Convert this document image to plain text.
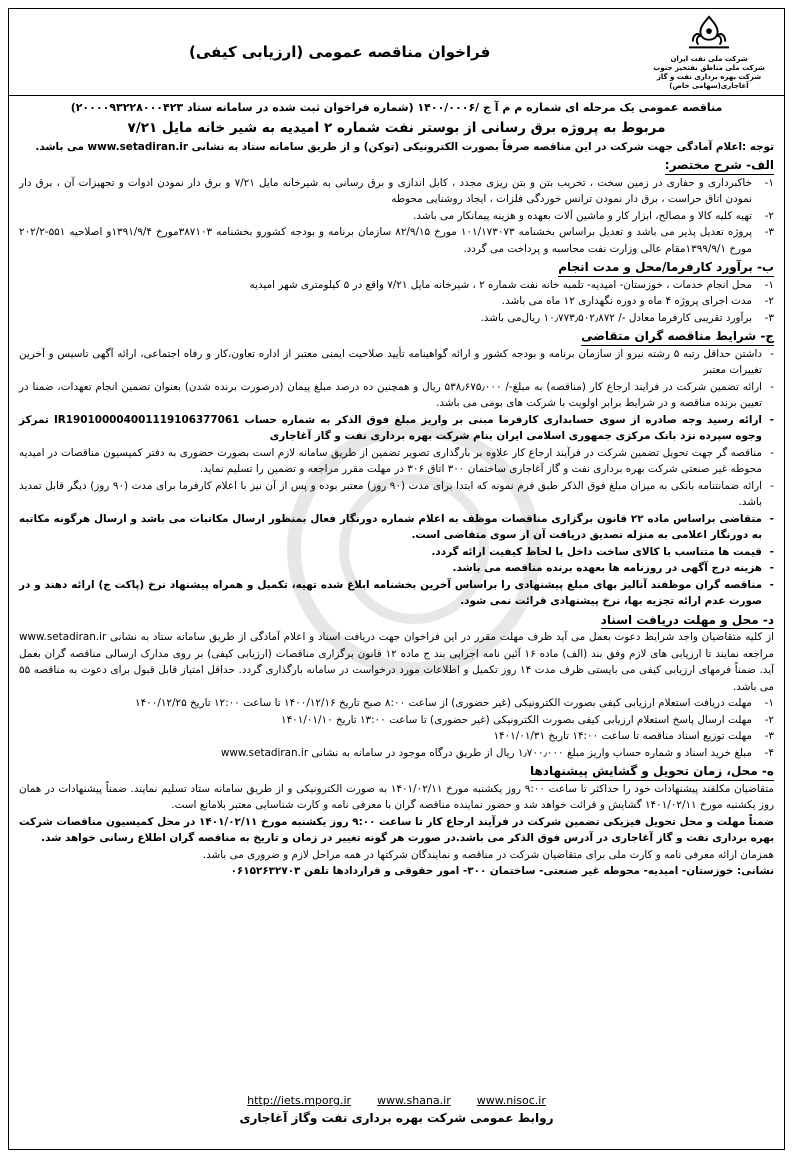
شرکت ملی نفت ایران
شرکت ملی مناطق نفتخیز جنوب
شرکت بهره برداری نفت و گاز آغاجاری(سهامی خاص)
فراخوان مناقصه عمومی (ارزیابی کیفی)
مناقصه عمومی یک مرحله ای شماره م م آ ج /۱۴۰۰/۰۰۰۶ (شماره فراخوان ثبت شده در سامانه ستاد ۲۰۰۰۰۹۳۲۲۸۰۰۰۴۲۳)
مربوط به پروژه برق رسانی از بوستر نفت شماره ۲ امیدیه به شیر خانه مایل ۷/۲۱
توجه :اعلام آمادگی جهت شرکت در این مناقصه صرفاً بصورت الکترونیکی (توکن) و از طریق سامانه ستاد به نشانی www.setadiran.ir می باشد.
الف- شرح مختصر:
۱-
خاکبرداری و حفاری در زمین سخت ، تخریب بتن و بتن ریزی مجدد ، کابل اندازی و برق رسانی به شیرخانه مایل ۷/۲۱ و برق دار نمودن ادوات و تجهیزات آن ، برق دار نمودن اتاق حراست ، برق دار نمودن ترانس خوردگی فلزات ، ایجاد روشنایی محوطه
۲-
تهیه کلیه کالا و مصالح، ابزار کار و ماشین آلات بعهده و هزینه پیمانکار می باشد.
۳-
پروژه تعدیل پذیر می باشد و تعدیل براساس بخشنامه ۱۰۱/۱۷۳۰۷۳ مورخ ۸۲/۹/۱۵ سازمان برنامه و بودجه کشورو بخشنامه ۳۸۷۱۰۳مورخ ۱۳۹۱/۹/۴و اصلاحیه ۵۵۱-۲۰۲/۲ مورخ ۱۳۹۹/۹/۱مقام عالی وزارت نفت محاسبه و پرداخت می گردد.
ب- برآورد کارفرما/محل و مدت انجام
۱-
محل انجام خدمات ، خوزستان- امیدیه- تلمبه خانه نفت شماره ۲ ، شیرخانه مایل ۷/۲۱ واقع در ۵ کیلومتری شهر امیدیه
۲-
مدت اجرای پروژه ۴ ماه و دوره نگهداری ۱۲ ماه می باشد.
۳-
برآورد تقریبی کارفرما معادل -/ ۱۰٫۷۷۳٫۵۰۲٫۸۷۲ ریال‌می باشد.
ج- شرایط مناقصه گران متقاضی
-
داشتن حداقل رتبه ۵ رشته نیرو از سازمان برنامه و بودجه کشور و ارائه گواهینامه تأیید صلاحیت ایمنی معتبر از اداره تعاون،کار و رفاه اجتماعی، ارائه آگهی تاسیس و آخرین تغییرات معتبر
-
ارائه تضمین شرکت در فرایند ارجاع کار (مناقصه) به مبلغ-/ ۵۳۸٫۶۷۵٫۰۰۰ ریال و همچنین ده درصد مبلغ پیمان (درصورت برنده شدن) بعنوان تضمین انجام تعهدات، ضمنا در تعیین برنده مناقصه و در شرایط برابر اولویت با شرکت های بومی می باشد.
-
ارائه رسید وجه صادره از سوی حسابداری کارفرما مبنی بر واریز مبلغ فوق الذکر به شماره حساب IR190100004001119106377061 تمرکز وجوه سپرده نزد بانک مرکزی جمهوری اسلامی ایران بنام شرکت بهره برداری نفت و گاز آغاجاری
-
مناقصه گر جهت تحویل تضمین شرکت در فرآیند ارجاع کار علاوه بر بارگذاری تصویر تضمین از طریق سامانه لازم است بصورت حضوری به دفتر کمیسیون مناقصات در امیدیه محوطه غیر صنعتی شرکت بهره برداری نفت و گاز آغاجاری ساختمان ۳۰۰ اتاق ۳۰۶ در مهلت مقرر مراجعه و تضمین را تسلیم نماید.
-
ارائه ضمانتنامه بانکی به میزان مبلغ فوق الذکر طبق فرم نمونه که ابتدا برای مدت (۹۰ روز) معتبر بوده و پس از آن نیز با اعلام کارفرما برای مدت (۹۰ روز) دیگر قابل تمدید باشد.
-
متقاضی براساس ماده ۲۲ قانون برگزاری مناقصات موظف به اعلام شماره دورنگار فعال بمنظور ارسال مکاتبات می باشد و ارسال هرگونه مکاتبه به دورنگار اعلامی به منزله تصدیق دریافت آن از سوی متقاضی است.
-
قیمت ها متناسب با کالای ساخت داخل با لحاظ کیفیت ارائه گردد.
-
هزینه درج آگهی در روزنامه ها بعهده برنده مناقصه می باشد.
-
مناقصه گران موظفند آنالیز بهای مبلغ پیشنهادی را براساس آخرین بخشنامه ابلاغ شده تهیه، تکمیل و همراه پیشنهاد نرخ (پاکت ج) ارائه دهند و در صورت عدم ارائه تجزیه بها، نرخ پیشنهادی قرائت نمی شود.
د- محل و مهلت دریافت اسناد
از کلیه متقاضیان واجد شرایط دعوت بعمل می آید ظرف مهلت مقرر در این فراخوان جهت دریافت اسناد و اعلام آمادگی از طریق سامانه ستاد به نشانی www.setadiran.ir مراجعه نمایند تا ارزیابی های لازم وفق بند (الف) ماده ۱۶ آئین نامه اجرایی بند ج ماده ۱۲ قانون برگزاری مناقصات (ارزیابی کیفی) بر روی مدارک ارسالی مناقصه گران بعمل آید. ضمناً فرمهای ارزیابی کیفی می بایستی ظرف مدت ۱۴ روز تکمیل و اطلاعات مورد درخواست در سامانه بارگذاری گردد. حداقل امتیاز قابل قبول برای دعوت به مناقصه ۵۵ می باشد.
۱-
مهلت دریافت استعلام ارزیابی کیفی بصورت الکترونیکی (غیر حضوری) از ساعت ۸:۰۰ صبح تاریخ ۱۴۰۰/۱۲/۱۶ تا ساعت ۱۲:۰۰ تاریخ ۱۴۰۰/۱۲/۲۵
۲-
مهلت ارسال پاسخ استعلام ارزیابی کیفی بصورت الکترونیکی (غیر حضوری) تا ساعت ۱۳:۰۰ تاریخ ۱۴۰۱/۰۱/۱۰
۳-
مهلت توزیع اسناد مناقصه تا ساعت ۱۴:۰۰ تاریخ ۱۴۰۱/۰۱/۳۱
۴-
مبلغ خرید اسناد و شماره حساب واریز مبلغ ۱٫۷۰۰٫۰۰۰ ریال از طریق درگاه موجود در سامانه به نشانی www.setadiran.ir
ه- محل، زمان تحویل و گشایش پیشنهادها
متقاضیان مکلفند پیشنهادات خود را حداکثر تا ساعت ۹:۰۰ روز یکشنبه مورخ ۱۴۰۱/۰۲/۱۱ به صورت الکترونیکی و از طریق سامانه ستاد تسلیم نمایند. ضمناً پیشنهادات در همان روز یکشنبه مورخ ۱۴۰۱/۰۲/۱۱ گشایش و قرائت خواهد شد و حضور نماینده مناقصه گران با معرفی نامه و کارت شناسایی معتبر بلامانع است.
ضمناً مهلت و محل تحویل فیزیکی تضمین شرکت در فرآیند ارجاع کار تا ساعت ۹:۰۰ روز یکشنبه مورخ ۱۴۰۱/۰۲/۱۱ در محل کمیسیون مناقصات شرکت بهره برداری نفت و گاز آغاجاری در آدرس فوق الذکر می باشد.در صورت هر گونه تغییر در زمان و تاریخ به مناقصه گران اطلاع رسانی خواهد شد.
همزمان ارائه معرفی نامه و کارت ملی برای متقاضیان شرکت در مناقصه و نمایندگان شرکتها در همه مراحل لازم و ضروری می باشد.
نشانی: خوزستان- امیدیه- محوطه غیر صنعتی- ساختمان ۳۰۰- امور حقوقی و قراردادها تلفن ۰۶۱۵۲۶۳۲۷۰۳
http://iets.mporg.ir www.shana.ir www.nisoc.ir
روابط عمومی شرکت بهره برداری نفت وگاز آغاجاری
